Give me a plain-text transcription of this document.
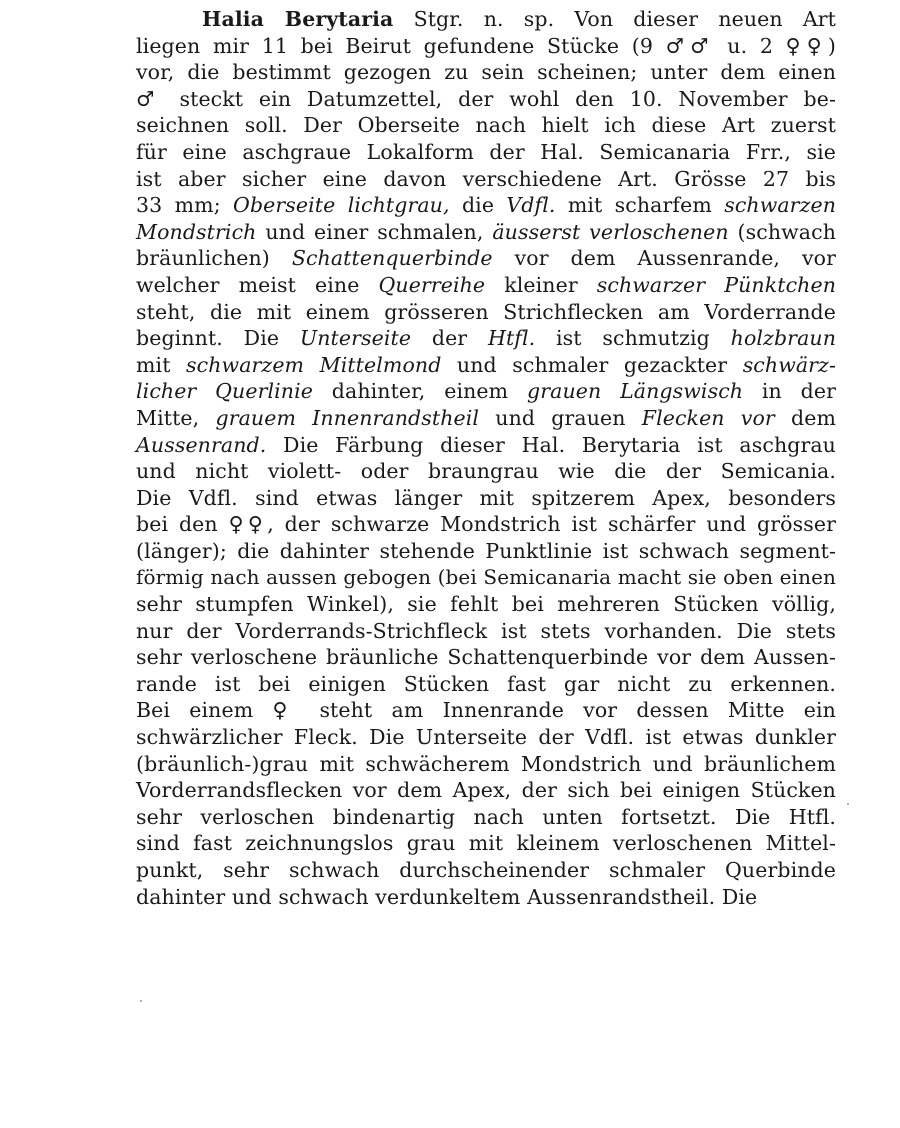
Halia Berytaria Stgr. n. sp. Von dieser neuen Art
liegen mir 11 bei Beirut gefundene Stücke (9 ♂♂ u. 2 ♀♀)
vor, die bestimmt gezogen zu sein scheinen; unter dem einen
♂ steckt ein Datumzettel, der wohl den 10. November be-
seichnen soll. Der Oberseite nach hielt ich diese Art zuerst
für eine aschgraue Lokalform der Hal. Semicanaria Frr., sie
ist aber sicher eine davon verschiedene Art. Grösse 27 bis
33 mm; Oberseite lichtgrau, die Vdfl. mit scharfem schwarzen
Mondstrich und einer schmalen, äusserst verloschenen (schwach
bräunlichen) Schattenquerbinde vor dem Aussenrande, vor
welcher meist eine Querreihe kleiner schwarzer Pünktchen
steht, die mit einem grösseren Strichflecken am Vorderrande
beginnt. Die Unterseite der Htfl. ist schmutzig holzbraun
mit schwarzem Mittelmond und schmaler gezackter schwärz-
licher Querlinie dahinter, einem grauen Längswisch in der
Mitte, grauem Innenrandstheil und grauen Flecken vor dem
Aussenrand. Die Färbung dieser Hal. Berytaria ist aschgrau
und nicht violett- oder braungrau wie die der Semicania.
Die Vdfl. sind etwas länger mit spitzerem Apex, besonders
bei den ♀♀, der schwarze Mondstrich ist schärfer und grösser
(länger); die dahinter stehende Punktlinie ist schwach segment-
förmig nach aussen gebogen (bei Semicanaria macht sie oben einen
sehr stumpfen Winkel), sie fehlt bei mehreren Stücken völlig,
nur der Vorderrands-Strichfleck ist stets vorhanden. Die stets
sehr verloschene bräunliche Schattenquerbinde vor dem Aussen-
rande ist bei einigen Stücken fast gar nicht zu erkennen.
Bei einem ♀ steht am Innenrande vor dessen Mitte ein
schwärzlicher Fleck. Die Unterseite der Vdfl. ist etwas dunkler
(bräunlich-)grau mit schwächerem Mondstrich und bräunlichem
Vorderrandsflecken vor dem Apex, der sich bei einigen Stücken
sehr verloschen bindenartig nach unten fortsetzt. Die Htfl.
sind fast zeichnungslos grau mit kleinem verloschenen Mittel-
punkt, sehr schwach durchscheinender schmaler Querbinde
dahinter und schwach verdunkeltem Aussenrandstheil. Die
